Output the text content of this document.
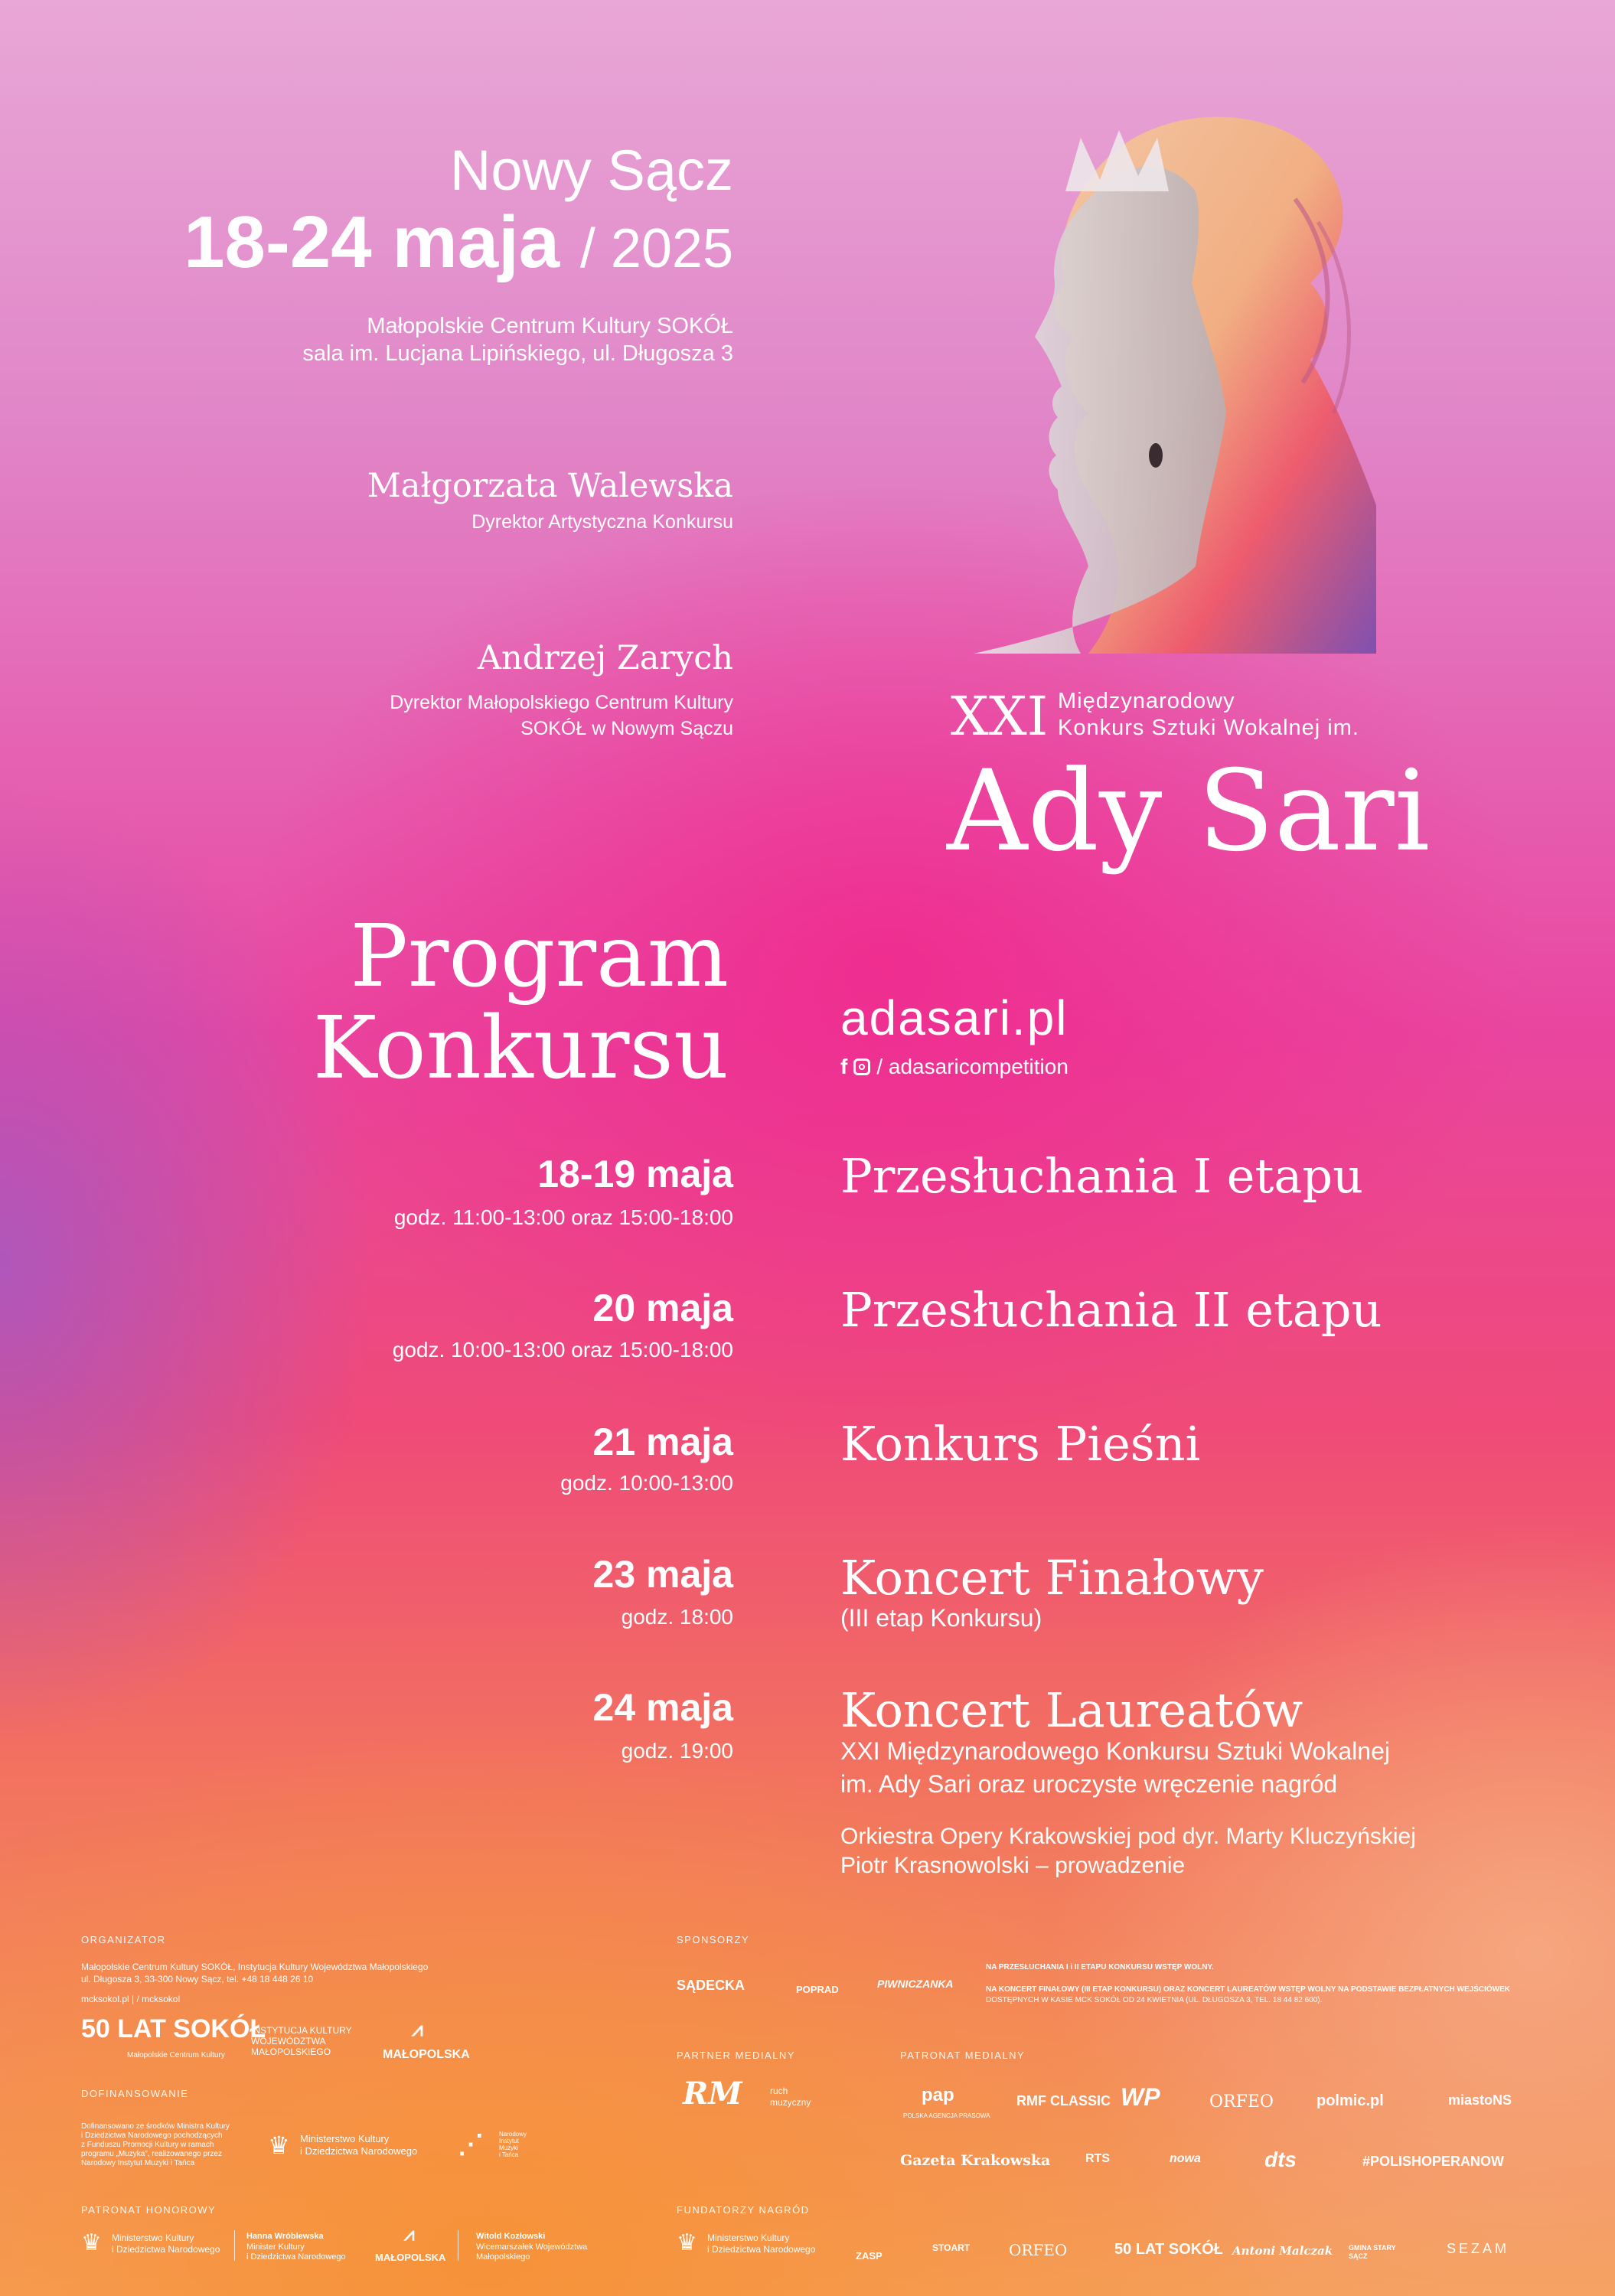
Nowy Sącz
18-24 maja / 2025
Małopolskie Centrum Kultury SOKÓŁ
sala im. Lucjana Lipińskiego, ul. Długosza 3
Małgorzata Walewska
Dyrektor Artystyczna Konkursu
Andrzej Zarych
Dyrektor Małopolskiego Centrum Kultury
SOKÓŁ w Nowym Sączu	XXI Międzynarodowy
Konkurs Sztuki Wokalnej im.
Ady Sari
Program
Konkursu adasari.pl
f / adasaricompetition
18-19 maja
godz. 11:00-13:00 oraz 15:00-18:00
Przesłuchania I etapu
20 maja
godz. 10:00-13:00 oraz 15:00-18:00
Przesłuchania II etapu
21 maja
godz. 10:00-13:00
Konkurs Pieśni
23 maja
godz. 18:00
Koncert Finałowy
(III etap Konkursu)
24 maja
godz. 19:00
Koncert Laureatów
XXI Międzynarodowego Konkursu Sztuki Wokalnej
im. Ady Sari oraz uroczyste wręczenie nagród
Orkiestra Opery Krakowskiej pod dyr. Marty Kluczyńskiej
Piotr Krasnowolski – prowadzenie
ORGANIZATOR
Małopolskie Centrum Kultury SOKÓŁ, Instytucja Kultury Województwa Małopolskiego
ul. Długosza 3, 33-300 Nowy Sącz, tel. +48 18 448 26 10
mcksokol.pl | / mcksokol
50 LAT SOKÓŁ
Małopolskie Centrum Kultury
INSTYTUCJA KULTURY
WOJEWÓDZTWA
MAŁOPOLSKIEGO
⩘
MAŁOPOLSKA
DOFINANSOWANIE
Dofinansowano ze środków Ministra Kultury
i Dziedzictwa Narodowego pochodzących
z Funduszu Promocji Kultury w ramach
programu „Muzyka”, realizowanego przez
Narodowy Instytut Muzyki i Tańca
♛ Ministerstwo Kultury
i Dziedzictwa Narodowego ⋰	Narodowy
Instytut
Muzyki
i Tańca
PATRONAT HONOROWY
♛ Ministerstwo Kultury
i Dziedzictwa Narodowego
Hanna Wróblewska
Minister Kultury
i Dziedzictwa Narodowego
⩘
MAŁOPOLSKA
Witold Kozłowski
Wicemarszałek Województwa
Małopolskiego
SPONSORZY
SĄDECKA	POPRAD	PIWNICZANKA
NA PRZESŁUCHANIA I i II ETAPU KONKURSU WSTĘP WOLNY.
NA KONCERT FINAŁOWY (III ETAP KONKURSU) ORAZ KONCERT LAUREATÓW WSTĘP WOLNY NA PODSTAWIE BEZPŁATNYCH WEJŚCIÓWEK
DOSTĘPNYCH W KASIE MCK SOKÓŁ OD 24 KWIETNIA (UL. DŁUGOSZA 3, TEL. 18 44 82 600).
PARTNER MEDIALNY
RM	ruch
muzyczny
PATRONAT MEDIALNY
pap
POLSKA AGENCJA PRASOWA
RMF CLASSIC WP	ORFEO	polmic.pl	miastoNS
Gazeta Krakowska	RTS	nowa	dts	#POLISHOPERANOW
FUNDATORZY NAGRÓD
♛ Ministerstwo Kultury
i Dziedzictwa Narodowego
ZASP
STOART	ORFEO	50 LAT SOKÓŁ Antoni Malczak GMINA STARY SĄCZ	SEZAM
